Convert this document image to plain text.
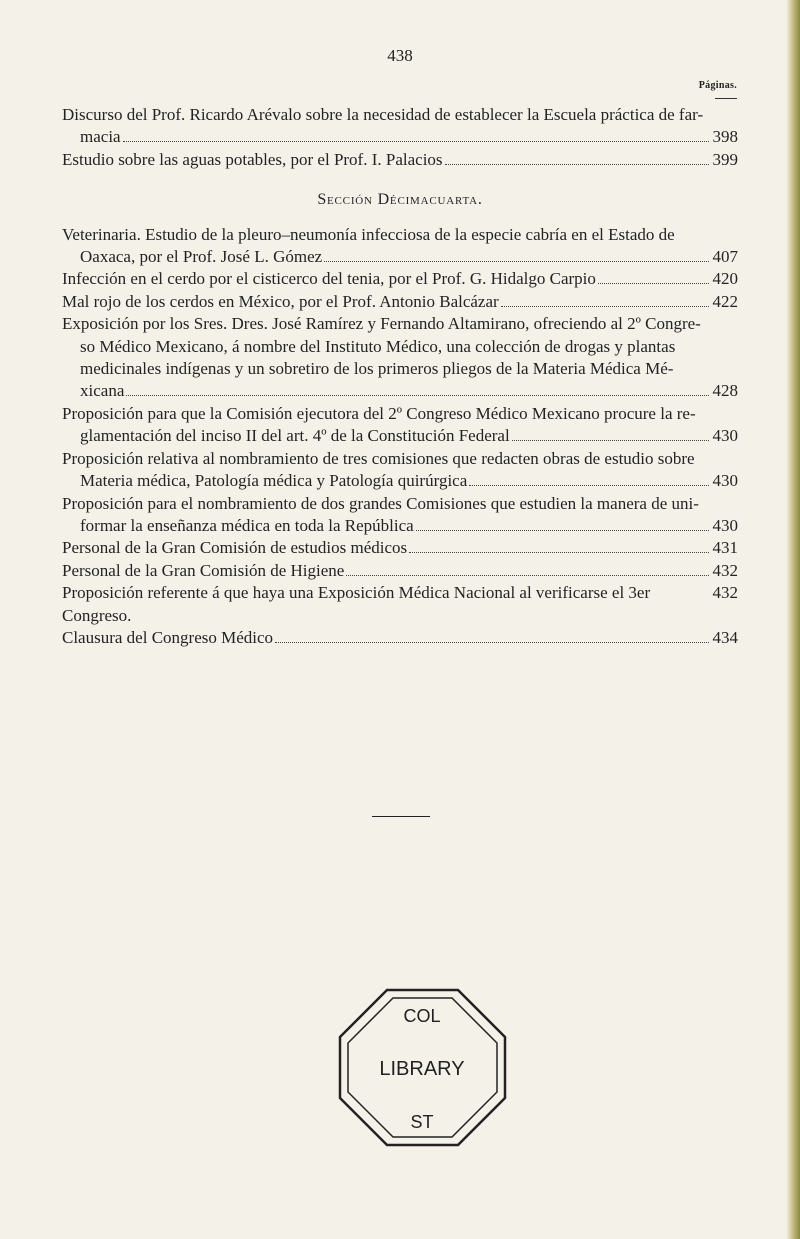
438
Páginas.
Discurso del Prof. Ricardo Arévalo sobre la necesidad de establecer la Escuela práctica de far-
macia	398
Estudio sobre las aguas potables, por el Prof. I. Palacios	399
Sección Décimacuarta.
Veterinaria. Estudio de la pleuro–neumonía infecciosa de la especie cabría en el Estado de
Oaxaca, por el Prof. José L. Gómez	407
Infección en el cerdo por el cisticerco del tenia, por el Prof. G. Hidalgo Carpio	420
Mal rojo de los cerdos en México, por el Prof. Antonio Balcázar	422
Exposición por los Sres. Dres. José Ramírez y Fernando Altamirano, ofreciendo al 2º Congre-
so Médico Mexicano, á nombre del Instituto Médico, una colección de drogas y plantas
medicinales indígenas y un sobretiro de los primeros pliegos de la Materia Médica Mé-
xicana	428
Proposición para que la Comisión ejecutora del 2º Congreso Médico Mexicano procure la re-
glamentación del inciso II del art. 4º de la Constitución Federal	430
Proposición relativa al nombramiento de tres comisiones que redacten obras de estudio sobre
Materia médica, Patología médica y Patología quirúrgica	430
Proposición para el nombramiento de dos grandes Comisiones que estudien la manera de uni-
formar la enseñanza médica en toda la República	430
Personal de la Gran Comisión de estudios médicos	431
Personal de la Gran Comisión de Higiene	432
Proposición referente á que haya una Exposición Médica Nacional al verificarse el 3er Congreso.
432
Clausura del Congreso Médico	434
COL
LIBRARY
ST
